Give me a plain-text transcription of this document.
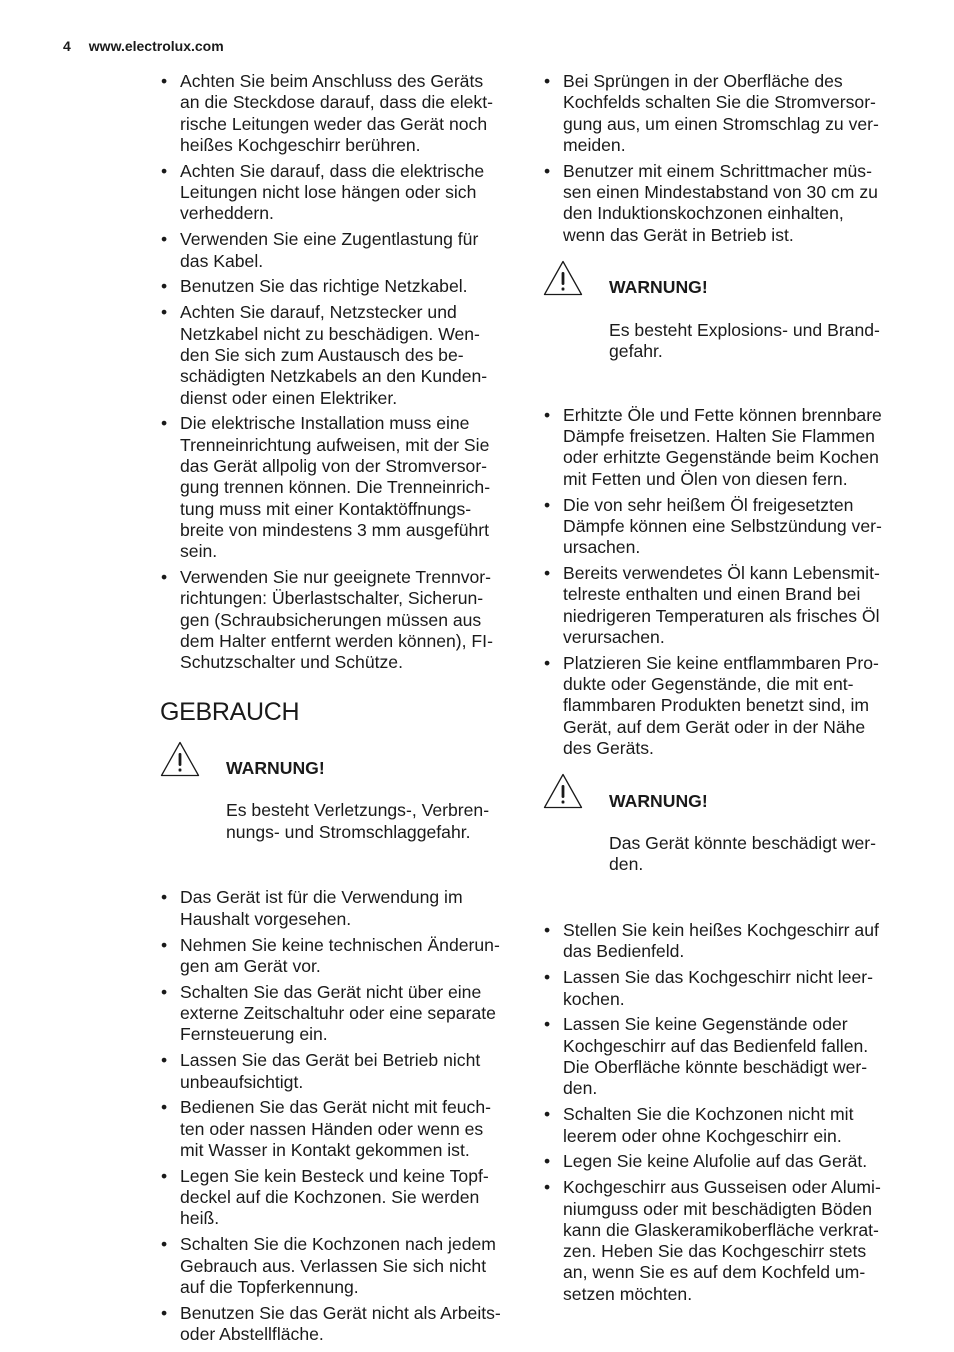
4 www.electrolux.com
• Achten Sie beim Anschluss des Geräts
an die Steckdose darauf, dass die elekt-
rische Leitungen weder das Gerät noch
heißes Kochgeschirr berühren.
• Achten Sie darauf, dass die elektrische
Leitungen nicht lose hängen oder sich
verheddern.
• Verwenden Sie eine Zugentlastung für
das Kabel.
• Benutzen Sie das richtige Netzkabel.
• Achten Sie darauf, Netzstecker und
Netzkabel nicht zu beschädigen. Wen-
den Sie sich zum Austausch des be-
schädigten Netzkabels an den Kunden-
dienst oder einen Elektriker.
• Die elektrische Installation muss eine
Trenneinrichtung aufweisen, mit der Sie
das Gerät allpolig von der Stromversor-
gung trennen können. Die Trenneinrich-
tung muss mit einer Kontaktöffnungs-
breite von mindestens 3 mm ausgeführt
sein.
• Verwenden Sie nur geeignete Trennvor-
richtungen: Überlastschalter, Sicherun-
gen (Schraubsicherungen müssen aus
dem Halter entfernt werden können), FI-
Schutzschalter und Schütze.
GEBRAUCH

WARNUNG!

Es besteht Verletzungs-, Verbren-
nungs- und Stromschlaggefahr.

• Das Gerät ist für die Verwendung im
Haushalt vorgesehen.
• Nehmen Sie keine technischen Änderun-
gen am Gerät vor.
• Schalten Sie das Gerät nicht über eine
externe Zeitschaltuhr oder eine separate
Fernsteuerung ein.
• Lassen Sie das Gerät bei Betrieb nicht
unbeaufsichtigt.
• Bedienen Sie das Gerät nicht mit feuch-
ten oder nassen Händen oder wenn es
mit Wasser in Kontakt gekommen ist.
• Legen Sie kein Besteck und keine Topf-
deckel auf die Kochzonen. Sie werden
heiß.
• Schalten Sie die Kochzonen nach jedem
Gebrauch aus. Verlassen Sie sich nicht
auf die Topferkennung.
• Benutzen Sie das Gerät nicht als Arbeits-
oder Abstellfläche.
• Bei Sprüngen in der Oberfläche des
Kochfelds schalten Sie die Stromversor-
gung aus, um einen Stromschlag zu ver-
meiden.
• Benutzer mit einem Schrittmacher müs-
sen einen Mindestabstand von 30 cm zu
den Induktionskochzonen einhalten,
wenn das Gerät in Betrieb ist.

WARNUNG!

Es besteht Explosions- und Brand-
gefahr.

• Erhitzte Öle und Fette können brennbare
Dämpfe freisetzen. Halten Sie Flammen
oder erhitzte Gegenstände beim Kochen
mit Fetten und Ölen von diesen fern.
• Die von sehr heißem Öl freigesetzten
Dämpfe können eine Selbstzündung ver-
ursachen.
• Bereits verwendetes Öl kann Lebensmit-
telreste enthalten und einen Brand bei
niedrigeren Temperaturen als frisches Öl
verursachen.
• Platzieren Sie keine entflammbaren Pro-
dukte oder Gegenstände, die mit ent-
flammbaren Produkten benetzt sind, im
Gerät, auf dem Gerät oder in der Nähe
des Geräts.

WARNUNG!

Das Gerät könnte beschädigt wer-
den.

• Stellen Sie kein heißes Kochgeschirr auf
das Bedienfeld.
• Lassen Sie das Kochgeschirr nicht leer-
kochen.
• Lassen Sie keine Gegenstände oder
Kochgeschirr auf das Bedienfeld fallen.
Die Oberfläche könnte beschädigt wer-
den.
• Schalten Sie die Kochzonen nicht mit
leerem oder ohne Kochgeschirr ein.
• Legen Sie keine Alufolie auf das Gerät.
• Kochgeschirr aus Gusseisen oder Alumi-
niumguss oder mit beschädigten Böden
kann die Glaskeramikoberfläche verkrat-
zen. Heben Sie das Kochgeschirr stets
an, wenn Sie es auf dem Kochfeld um-
setzen möchten.
